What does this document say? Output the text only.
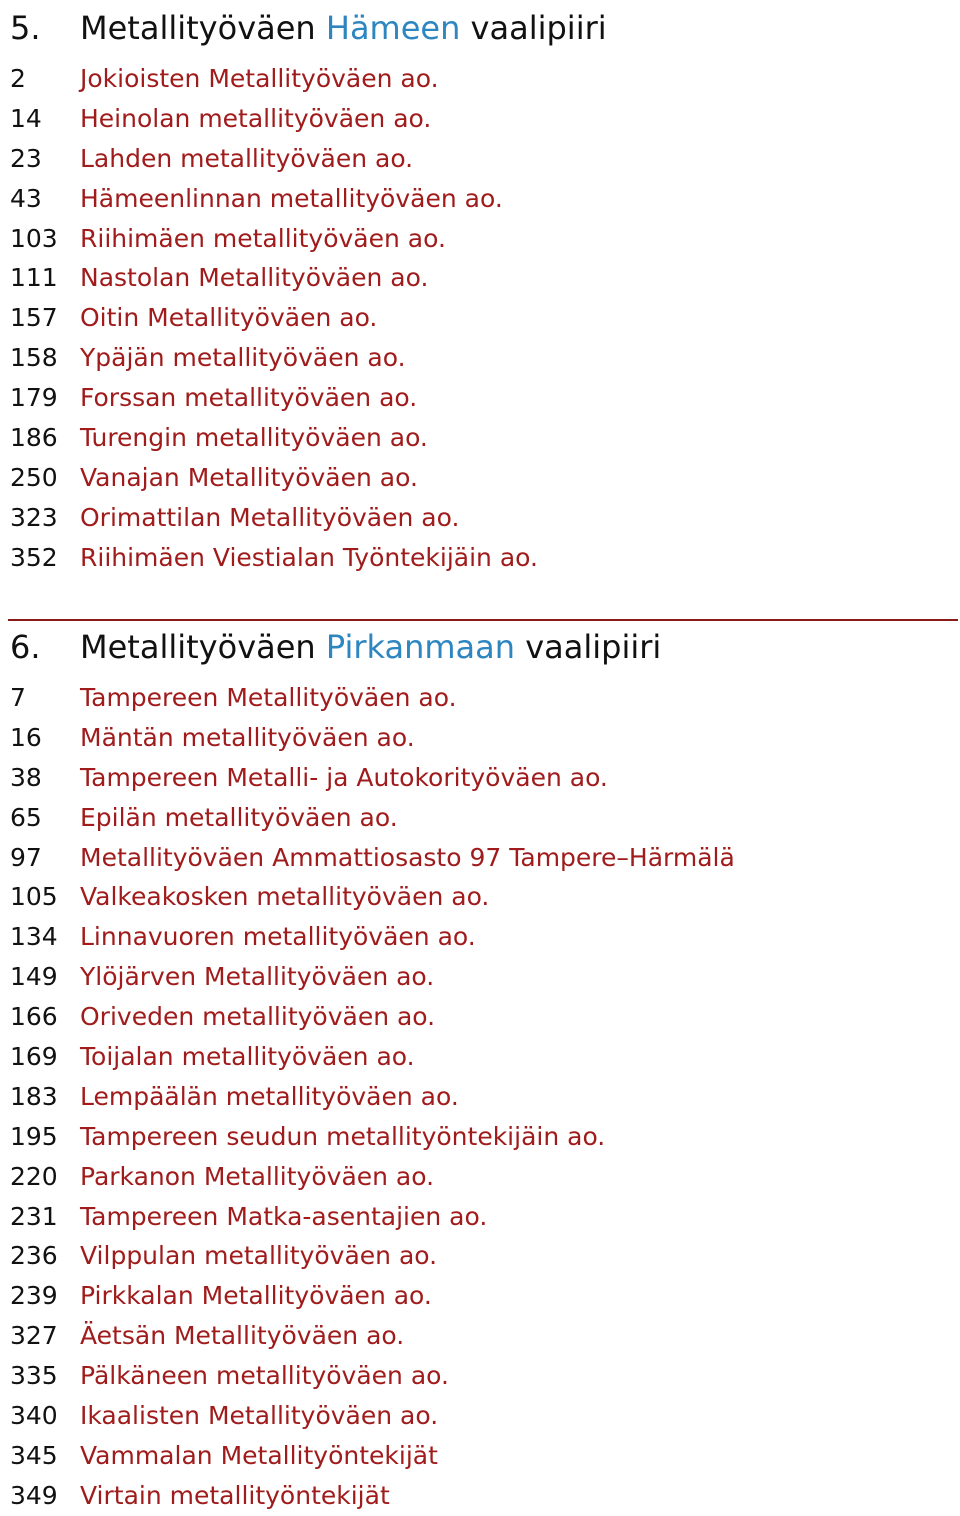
5. Metallityöväen Hämeen vaalipiiri
2 Jokioisten Metallityöväen ao.
14 Heinolan metallityöväen ao.
23 Lahden metallityöväen ao.
43 Hämeenlinnan metallityöväen ao.
103 Riihimäen metallityöväen ao.
111 Nastolan Metallityöväen ao.
157 Oitin Metallityöväen ao.
158 Ypäjän metallityöväen ao.
179 Forssan metallityöväen ao.
186 Turengin metallityöväen ao.
250 Vanajan Metallityöväen ao.
323 Orimattilan Metallityöväen ao.
352 Riihimäen Viestialan Työntekijäin ao.
6. Metallityöväen Pirkanmaan vaalipiiri
7 Tampereen Metallityöväen ao.
16 Mäntän metallityöväen ao.
38 Tampereen Metalli- ja Autokorityöväen ao.
65 Epilän metallityöväen ao.
97 Metallityöväen Ammattiosasto 97 Tampere–Härmälä
105 Valkeakosken metallityöväen ao.
134 Linnavuoren metallityöväen ao.
149 Ylöjärven Metallityöväen ao.
166 Oriveden metallityöväen ao.
169 Toijalan metallityöväen ao.
183 Lempäälän metallityöväen ao.
195 Tampereen seudun metallityöntekijäin ao.
220 Parkanon Metallityöväen ao.
231 Tampereen Matka-asentajien ao.
236 Vilppulan metallityöväen ao.
239 Pirkkalan Metallityöväen ao.
327 Äetsän Metallityöväen ao.
335 Pälkäneen metallityöväen ao.
340 Ikaalisten Metallityöväen ao.
345 Vammalan Metallityöntekijät
349 Virtain metallityöntekijät
